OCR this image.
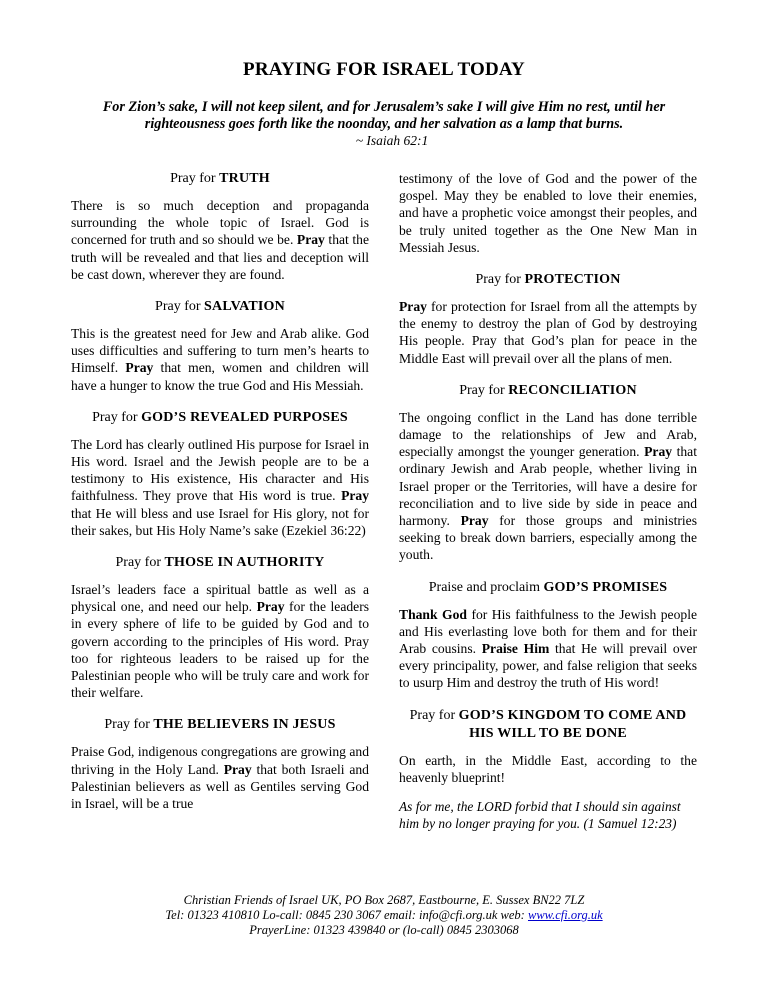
PRAYING FOR ISRAEL TODAY
For Zion’s sake, I will not keep silent, and for Jerusalem’s sake I will give Him no rest, until her righteousness goes forth like the noonday, and her salvation as a lamp that burns.
~ Isaiah 62:1

Pray for TRUTH

There is so much deception and propaganda surrounding the whole topic of Israel. God is concerned for truth and so should we be. Pray that the truth will be revealed and that lies and deception will be cast down, wherever they are found.

Pray for SALVATION

This is the greatest need for Jew and Arab alike. God uses difficulties and suffering to turn men’s hearts to Himself. Pray that men, women and children will have a hunger to know the true God and His Messiah.

Pray for GOD’S REVEALED PURPOSES

The Lord has clearly outlined His purpose for Israel in His word. Israel and the Jewish people are to be a testimony to His existence, His character and His faithfulness. They prove that His word is true. Pray that He will bless and use Israel for His glory, not for their sakes, but His Holy Name’s sake (Ezekiel 36:22)

Pray for THOSE IN AUTHORITY

Israel’s leaders face a spiritual battle as well as a physical one, and need our help. Pray for the leaders in every sphere of life to be guided by God and to govern according to the principles of His word. Pray too for righteous leaders to be raised up for the Palestinian people who will be truly care and work for their welfare.

Pray for THE BELIEVERS IN JESUS

Praise God, indigenous congregations are growing and thriving in the Holy Land. Pray that both Israeli and Palestinian believers as well as Gentiles serving God in Israel, will be a true

testimony of the love of God and the power of the gospel. May they be enabled to love their enemies, and have a prophetic voice amongst their peoples, and be truly united together as the One New Man in Messiah Jesus.

Pray for PROTECTION

Pray for protection for Israel from all the attempts by the enemy to destroy the plan of God by destroying His people. Pray that God’s plan for peace in the Middle East will prevail over all the plans of men.

Pray for RECONCILIATION

The ongoing conflict in the Land has done terrible damage to the relationships of Jew and Arab, especially amongst the younger generation. Pray that ordinary Jewish and Arab people, whether living in Israel proper or the Territories, will have a desire for reconciliation and to live side by side in peace and harmony. Pray for those groups and ministries seeking to break down barriers, especially among the youth.

Praise and proclaim GOD’S PROMISES

Thank God for His faithfulness to the Jewish people and His everlasting love both for them and for their Arab cousins. Praise Him that He will prevail over every principality, power, and false religion that seeks to usurp Him and destroy the truth of His word!

Pray for GOD’S KINGDOM TO COME AND
HIS WILL TO BE DONE

On earth, in the Middle East, according to the heavenly blueprint!

As for me, the LORD forbid that I should sin against him by no longer praying for you. (1 Samuel 12:23)

Christian Friends of Israel UK, PO Box 2687, Eastbourne, E. Sussex BN22 7LZ
Tel: 01323 410810 Lo-call: 0845 230 3067 email: info@cfi.org.uk web: www.cfi.org.uk
PrayerLine: 01323 439840 or (lo-call) 0845 2303068
